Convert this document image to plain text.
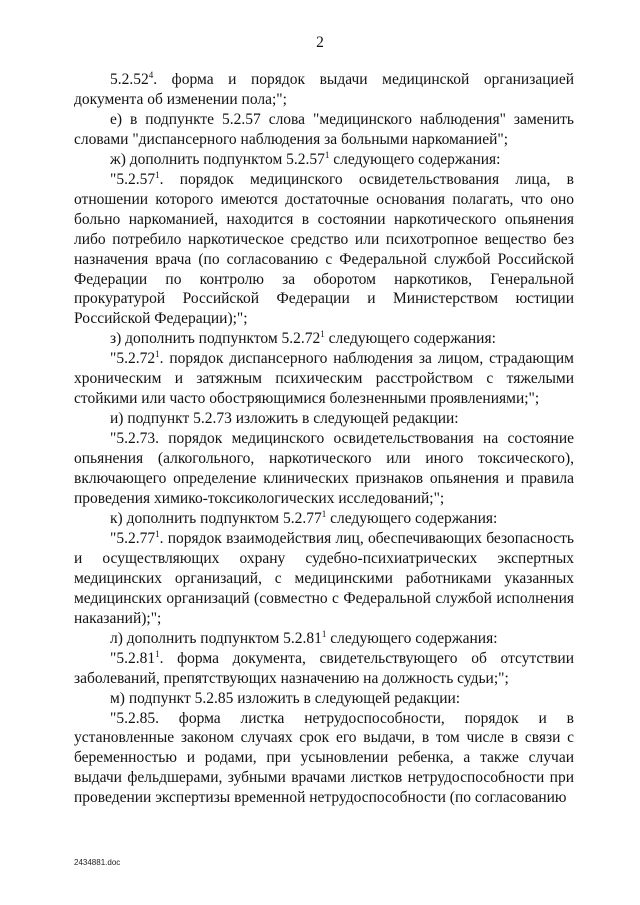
2

5.2.52$^4$. форма и порядок выдачи медицинской организацией документа об изменении пола;";

е) в подпункте 5.2.57 слова "медицинского наблюдения" заменить словами "диспансерного наблюдения за больными наркоманией";

ж) дополнить подпунктом 5.2.57$^1$ следующего содержания:

"5.2.57$^1$. порядок медицинского освидетельствования лица, в отношении которого имеются достаточные основания полагать, что оно больно наркоманией, находится в состоянии наркотического опьянения либо потребило наркотическое средство или психотропное вещество без назначения врача (по согласованию с Федеральной службой Российской Федерации по контролю за оборотом наркотиков, Генеральной прокуратурой Российской Федерации и Министерством юстиции Российской Федерации);";

з) дополнить подпунктом 5.2.72$^1$ следующего содержания:

"5.2.72$^1$. порядок диспансерного наблюдения за лицом, страдающим хроническим и затяжным психическим расстройством с тяжелыми стойкими или часто обостряющимися болезненными проявлениями;";

и) подпункт 5.2.73 изложить в следующей редакции:

"5.2.73. порядок медицинского освидетельствования на состояние опьянения (алкогольного, наркотического или иного токсического), включающего определение клинических признаков опьянения и правила проведения химико-токсикологических исследований;";

к) дополнить подпунктом 5.2.77$^1$ следующего содержания:

"5.2.77$^1$. порядок взаимодействия лиц, обеспечивающих безопасность и осуществляющих охрану судебно-психиатрических экспертных медицинских организаций, с медицинскими работниками указанных медицинских организаций (совместно с Федеральной службой исполнения наказаний);";

л) дополнить подпунктом 5.2.81$^1$ следующего содержания:

"5.2.81$^1$. форма документа, свидетельствующего об отсутствии заболеваний, препятствующих назначению на должность судьи;";

м) подпункт 5.2.85 изложить в следующей редакции:

"5.2.85. форма листка нетрудоспособности, порядок и в установленные законом случаях срок его выдачи, в том числе в связи с беременностью и родами, при усыновлении ребенка, а также случаи выдачи фельдшерами, зубными врачами листков нетрудоспособности при проведении экспертизы временной нетрудоспособности (по согласованию

2434881.doc
